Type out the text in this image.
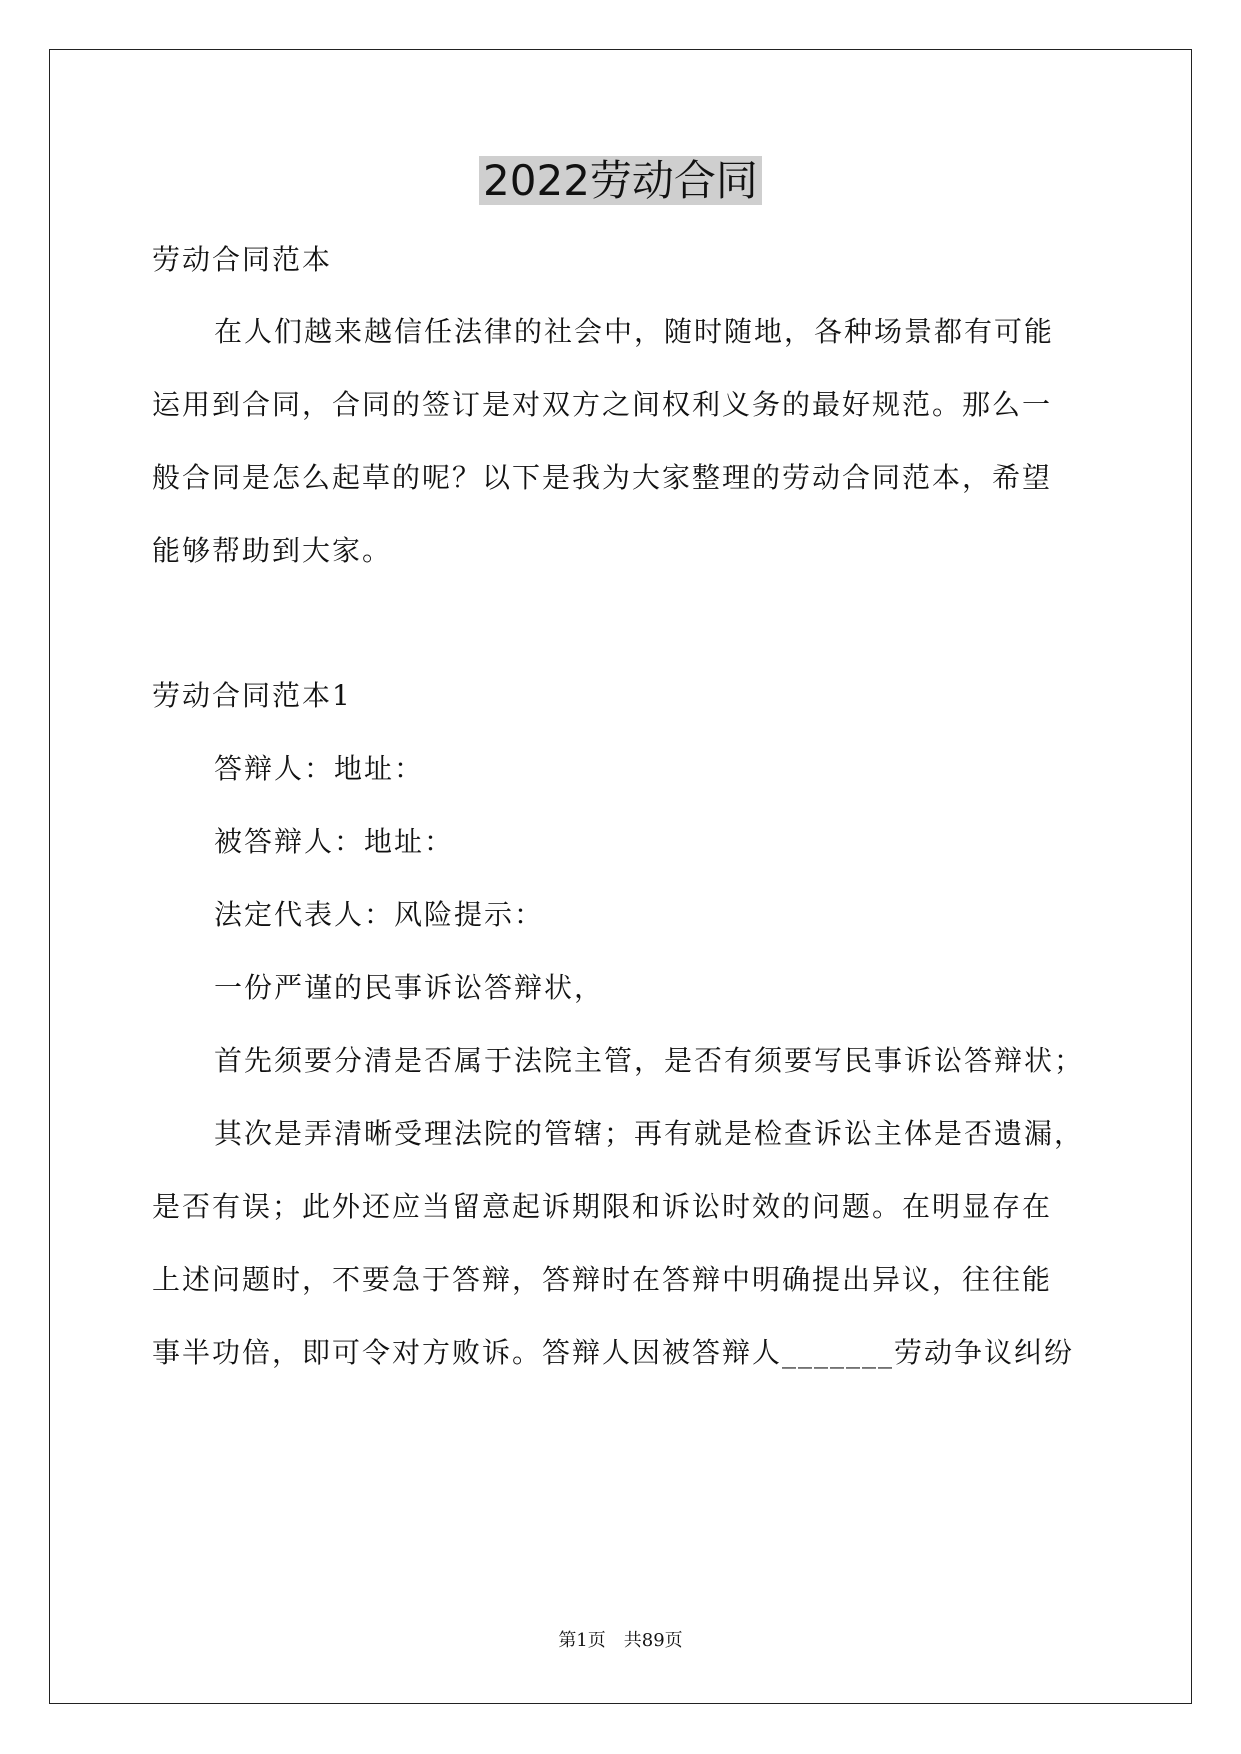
2022劳动合同
劳动合同范本
在人们越来越信任法律的社会中，随时随地，各种场景都有可能
运用到合同，合同的签订是对双方之间权利义务的最好规范。那么一
般合同是怎么起草的呢？以下是我为大家整理的劳动合同范本，希望
能够帮助到大家。
劳动合同范本1
答辩人：地址：
被答辩人：地址：
法定代表人：风险提示：
一份严谨的民事诉讼答辩状，
首先须要分清是否属于法院主管，是否有须要写民事诉讼答辩状；
其次是弄清晰受理法院的管辖；再有就是检查诉讼主体是否遗漏，
是否有误；此外还应当留意起诉期限和诉讼时效的问题。在明显存在
上述问题时，不要急于答辩，答辩时在答辩中明确提出异议，往往能
事半功倍，即可令对方败诉。答辩人因被答辩人_______劳动争议纠纷
第1页　共89页
